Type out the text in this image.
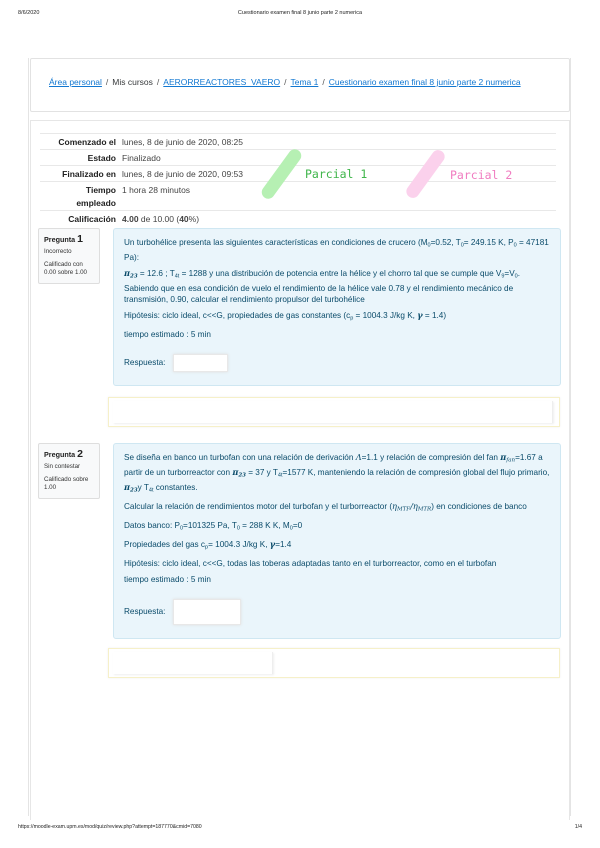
8/6/2020	Cuestionario examen final 8 junio parte 2 numerica
Área personal / Mis cursos / AERORREACTORES_VAERO / Tema 1 / Cuestionario examen final 8 junio parte 2 numerica
Comenzado el lunes, 8 de junio de 2020, 08:25
Estado Finalizado
Finalizado en lunes, 8 de junio de 2020, 09:53
Tiempo empleado
1 hora 28 minutos
Calificación 4.00 de 10.00 (40%)
Parcial 1	Parcial 2
Pregunta 1
Incorrecto
Calificado con 0.00 sobre 1.00

Un turbohélice presenta las siguientes características en condiciones de crucero ($M_0=0.52$, $T_0= 249.15$ K, $P_0 = 47181$ Pa):

$\pi_{23} = 12.6$ ; $T_{4t} = 1288$ y una distribución de potencia entre la hélice y el chorro tal que se cumple que $V_9=V_0$.
Sabiendo que en esa condición de vuelo el rendimiento de la hélice vale 0.78 y el rendimiento mecánico de transmisión, 0.90, calcular el rendimiento propulsor del turbohélice

Hipótesis: ciclo ideal, c<<G, propiedades de gas constantes ($c_p = 1004.3$ J/kg K, γ = 1.4)

tiempo estimado : 5 min

Respuesta:
Pregunta 2
Sin contestar
Calificado sobre 1.00

Se diseña en banco un turbofan con una relación de derivación Λ=1.1 y relación de compresión del fan $\pi_{fan}=1.67$ a partir de un turborreactor con $\pi_{23} = 37$ y $T_{4t}=1577$ K, manteniendo la relación de compresión global del flujo primario, $\pi_{23}y$ $T_{4t}$ constantes.

Calcular la relación de rendimientos motor del turbofan y el turborreactor $(\eta_{MTF}/\eta_{MTR})$ en condiciones de banco

Datos banco: $P_0=101325$ Pa, $T_0 = 288$ K K, $M_0=0$

Propiedades del gas $c_p= 1004.3$ J/kg K, γ=1.4

Hipótesis: ciclo ideal, c<<G, todas las toberas adaptadas tanto en el turborreactor, como en el turbofan

tiempo estimado : 5 min

Respuesta:
https://moodle-exam.upm.es/mod/quiz/review.php?attempt=187770&cmid=7080	1/4
